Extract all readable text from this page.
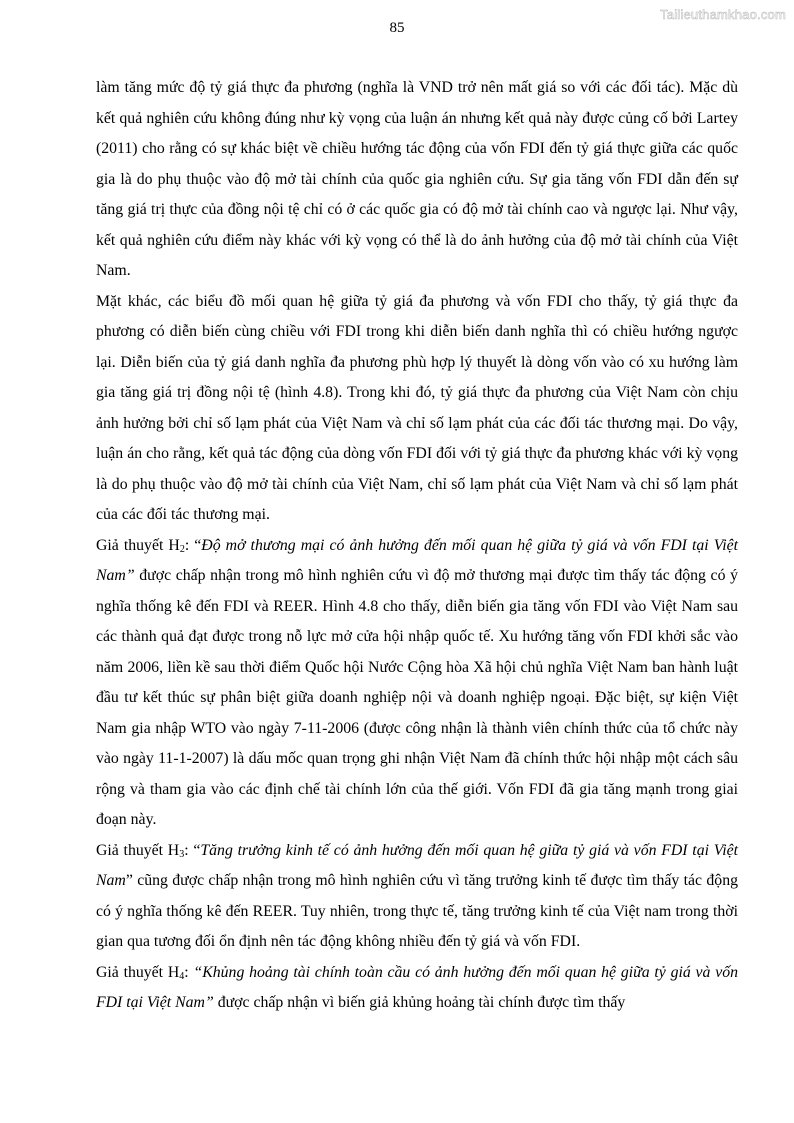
Tailieuthamkhao.com
85

làm tăng mức độ tỷ giá thực đa phương (nghĩa là VND trở nên mất giá so với các đối tác). Mặc dù kết quả nghiên cứu không đúng như kỳ vọng của luận án nhưng kết quả này được củng cố bởi Lartey (2011) cho rằng có sự khác biệt về chiều hướng tác động của vốn FDI đến tỷ giá thực giữa các quốc gia là do phụ thuộc vào độ mở tài chính của quốc gia nghiên cứu. Sự gia tăng vốn FDI dẫn đến sự tăng giá trị thực của đồng nội tệ chỉ có ở các quốc gia có độ mở tài chính cao và ngược lại. Như vậy, kết quả nghiên cứu điểm này khác với kỳ vọng có thể là do ảnh hưởng của độ mở tài chính của Việt Nam.

Mặt khác, các biểu đồ mối quan hệ giữa tỷ giá đa phương và vốn FDI cho thấy, tỷ giá thực đa phương có diễn biến cùng chiều với FDI trong khi diễn biến danh nghĩa thì có chiều hướng ngược lại. Diễn biến của tỷ giá danh nghĩa đa phương phù hợp lý thuyết là dòng vốn vào có xu hướng làm gia tăng giá trị đồng nội tệ (hình 4.8). Trong khi đó, tỷ giá thực đa phương của Việt Nam còn chịu ảnh hưởng bởi chỉ số lạm phát của Việt Nam và chỉ số lạm phát của các đối tác thương mại. Do vậy, luận án cho rằng, kết quả tác động của dòng vốn FDI đối với tỷ giá thực đa phương khác với kỳ vọng là do phụ thuộc vào độ mở tài chính của Việt Nam, chỉ số lạm phát của Việt Nam và chỉ số lạm phát của các đối tác thương mại.

Giả thuyết $H_2$: “Độ mở thương mại có ảnh hưởng đến mối quan hệ giữa tỷ giá và vốn FDI tại Việt Nam” được chấp nhận trong mô hình nghiên cứu vì độ mở thương mại được tìm thấy tác động có ý nghĩa thống kê đến FDI và REER. Hình 4.8 cho thấy, diễn biến gia tăng vốn FDI vào Việt Nam sau các thành quả đạt được trong nỗ lực mở cửa hội nhập quốc tế. Xu hướng tăng vốn FDI khởi sắc vào năm 2006, liền kề sau thời điểm Quốc hội Nước Cộng hòa Xã hội chủ nghĩa Việt Nam ban hành luật đầu tư kết thúc sự phân biệt giữa doanh nghiệp nội và doanh nghiệp ngoại. Đặc biệt, sự kiện Việt Nam gia nhập WTO vào ngày 7-11-2006 (được công nhận là thành viên chính thức của tổ chức này vào ngày 11-1-2007) là dấu mốc quan trọng ghi nhận Việt Nam đã chính thức hội nhập một cách sâu rộng và tham gia vào các định chế tài chính lớn của thế giới. Vốn FDI đã gia tăng mạnh trong giai đoạn này.

Giả thuyết $H_3$: “Tăng trưởng kinh tế có ảnh hưởng đến mối quan hệ giữa tỷ giá và vốn FDI tại Việt Nam” cũng được chấp nhận trong mô hình nghiên cứu vì tăng trưởng kinh tế được tìm thấy tác động có ý nghĩa thống kê đến REER. Tuy nhiên, trong thực tế, tăng trưởng kinh tế của Việt nam trong thời gian qua tương đối ổn định nên tác động không nhiều đến tỷ giá và vốn FDI.

Giả thuyết $H_4$: “Khủng hoảng tài chính toàn cầu có ảnh hưởng đến mối quan hệ giữa tỷ giá và vốn FDI tại Việt Nam” được chấp nhận vì biến giả khủng hoảng tài chính được tìm thấy
